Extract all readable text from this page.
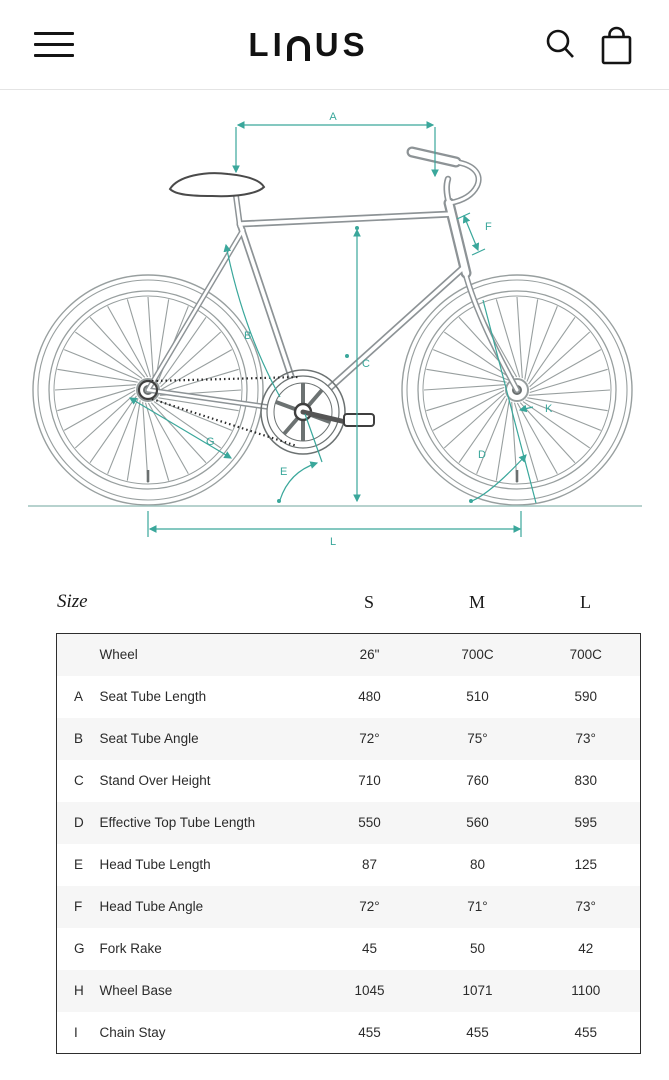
LI US
A
F
B
C
G
E
D
K
L
Size	S	M	L
	Wheel	26"	700C	700C
A	Seat Tube Length	480	510	590
B	Seat Tube Angle	72°	75°	73°
C	Stand Over Height	710	760	830
D	Effective Top Tube Length	550	560	595
E	Head Tube Length	87	80	125
F	Head Tube Angle	72°	71°	73°
G	Fork Rake	45	50	42
H	Wheel Base	1045	1071	1100
I	Chain Stay	455	455	455
